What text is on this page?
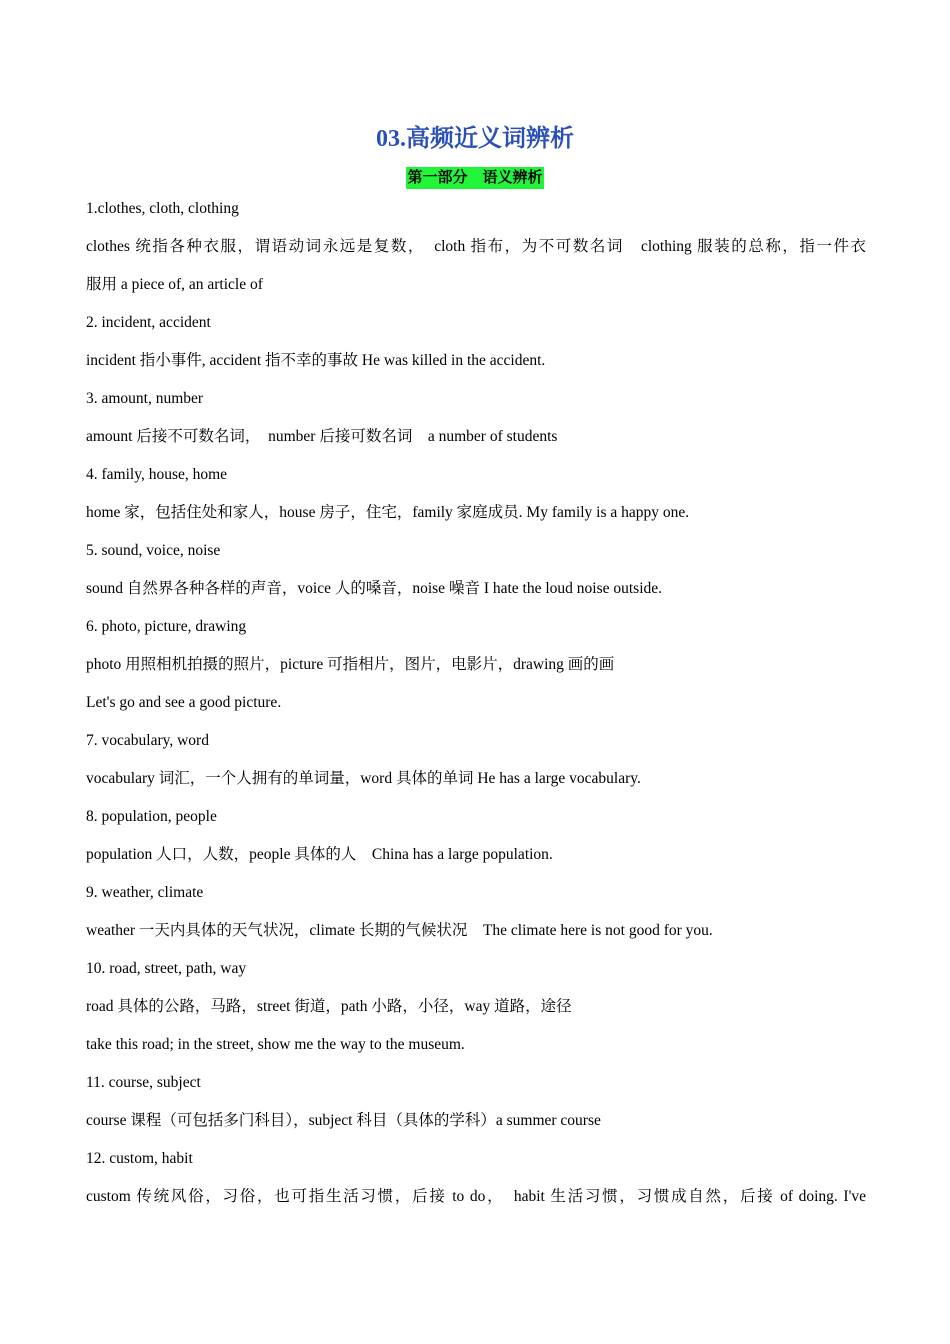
03.高频近义词辨析
第一部分　语义辨析
1.clothes, cloth, clothing
clothes 统指各种衣服，谓语动词永远是复数，　cloth 指布，为不可数名词　clothing 服装的总称，指一件衣
服用 a piece of, an article of
2. incident, accident
incident 指小事件, accident 指不幸的事故 He was killed in the accident.
3. amount, number
amount 后接不可数名词，　number 后接可数名词　a number of students
4. family, house, home
home 家，包括住处和家人，house 房子，住宅，family 家庭成员. My family is a happy one.
5. sound, voice, noise
sound 自然界各种各样的声音，voice 人的嗓音，noise 噪音 I hate the loud noise outside.
6. photo, picture, drawing
photo 用照相机拍摄的照片，picture 可指相片，图片，电影片，drawing 画的画
Let's go and see a good picture.
7. vocabulary, word
vocabulary 词汇，一个人拥有的单词量，word 具体的单词 He has a large vocabulary.
8. population, people
population 人口，人数，people 具体的人　China has a large population.
9. weather, climate
weather 一天内具体的天气状况，climate 长期的气候状况　The climate here is not good for you.
10. road, street, path, way
road 具体的公路，马路，street 街道，path 小路，小径，way 道路，途径
take this road; in the street, show me the way to the museum.
11. course, subject
course 课程（可包括多门科目），subject 科目（具体的学科）a summer course
12. custom, habit
custom 传统风俗，习俗，也可指生活习惯，后接 to do，　habit 生活习惯，习惯成自然，后接 of doing. I've
